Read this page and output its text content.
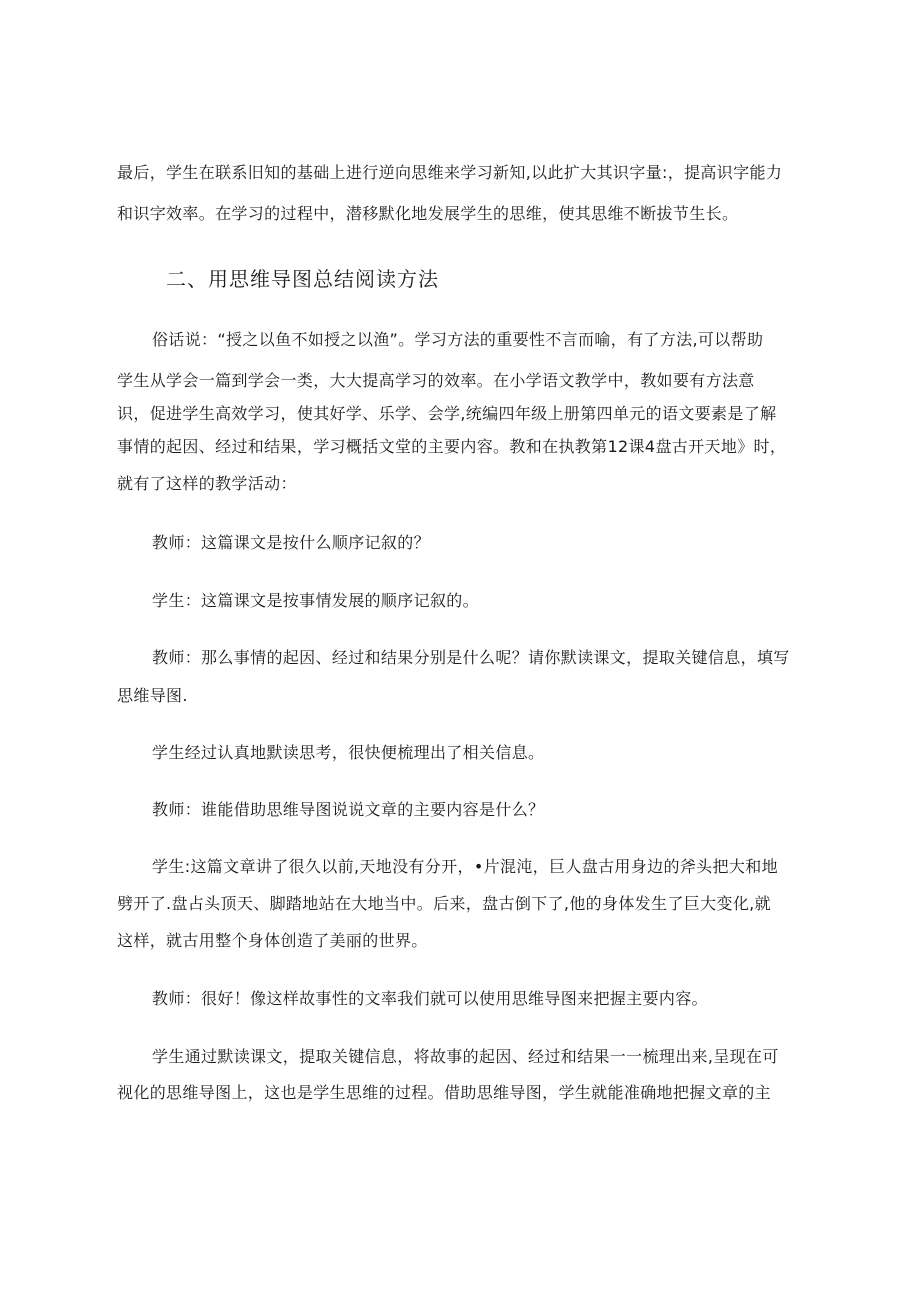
最后，学生在联系旧知的基础上进行逆向思维来学习新知,以此扩大其识字量:，提高识字能力
和识字效率。在学习的过程中，潜移默化地发展学生的思维，使其思维不断拔节生长。
二、用思维导图总结阅读方法
俗话说：“授之以鱼不如授之以渔”。学习方法的重要性不言而喻，有了方法,可以帮助
学生从学会一篇到学会一类，大大提高学习的效率。在小学语文教学中，教如要有方法意
识，促进学生高效学习，使其好学、乐学、会学,统编四年级上册第四单元的语文要素是了解
事情的起因、经过和结果，学习概括文堂的主要内容。教和在执教第12课4盘古开天地》时，
就有了这样的教学活动：
教师：这篇课文是按什么顺序记叙的？
学生：这篇课文是按事情发展的顺序记叙的。
教师：那么事情的起因、经过和结果分别是什么呢？请你默读课文，提取关键信息，填写
思维导图.
学生经过认真地默读思考，很快便梳理出了相关信息。
教师：谁能借助思维导图说说文章的主要内容是什么？
学生:这篇文章讲了很久以前,天地没有分开，•片混沌，巨人盘古用身边的斧头把大和地
劈开了.盘占头顶天、脚踏地站在大地当中。后来，盘古倒下了,他的身体发生了巨大变化,就
这样，就古用整个身体创造了美丽的世界。
教师：很好！像这样故事性的文率我们就可以使用思维导图来把握主要内容。
学生通过默读课文，提取关键信息，将故事的起因、经过和结果一一梳理出来,呈现在可
视化的思维导图上，这也是学生思维的过程。借助思维导图，学生就能准确地把握文章的主
